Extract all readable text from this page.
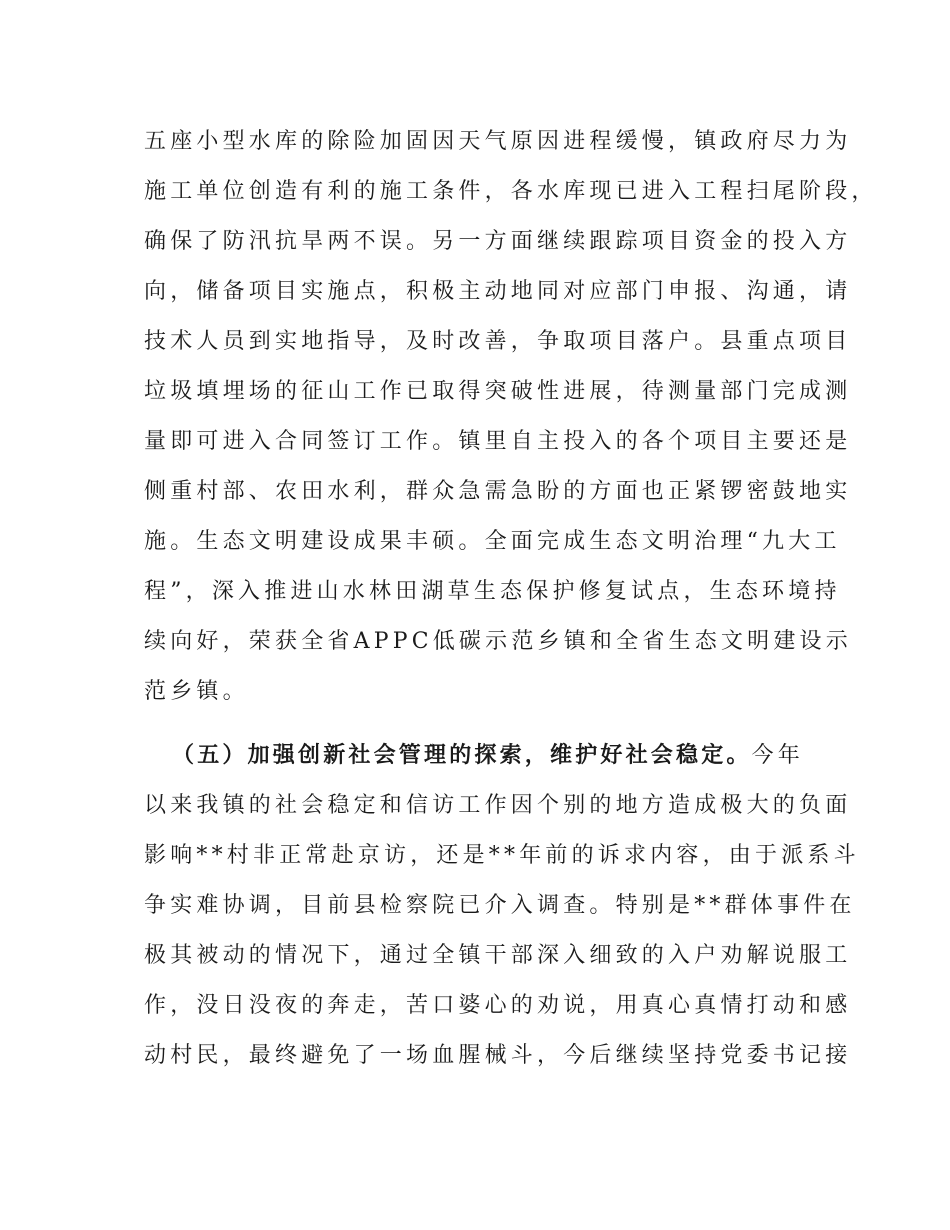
五座小型水库的除险加固因天气原因进程缓慢，镇政府尽力为
施工单位创造有利的施工条件，各水库现已进入工程扫尾阶段，
确保了防汛抗旱两不误。另一方面继续跟踪项目资金的投入方
向，储备项目实施点，积极主动地同对应部门申报、沟通，请
技术人员到实地指导，及时改善，争取项目落户。县重点项目
垃圾填埋场的征山工作已取得突破性进展，待测量部门完成测
量即可进入合同签订工作。镇里自主投入的各个项目主要还是
侧重村部、农田水利，群众急需急盼的方面也正紧锣密鼓地实
施。生态文明建设成果丰硕。全面完成生态文明治理“九大工
程”，深入推进山水林田湖草生态保护修复试点，生态环境持
续向好，荣获全省APPC低碳示范乡镇和全省生态文明建设示
范乡镇。
（五）加强创新社会管理的探索，维护好社会稳定。今年
以来我镇的社会稳定和信访工作因个别的地方造成极大的负面
影响**村非正常赴京访，还是**年前的诉求内容，由于派系斗
争实难协调，目前县检察院已介入调查。特别是**群体事件在
极其被动的情况下，通过全镇干部深入细致的入户劝解说服工
作，没日没夜的奔走，苦口婆心的劝说，用真心真情打动和感
动村民，最终避免了一场血腥械斗，今后继续坚持党委书记接
